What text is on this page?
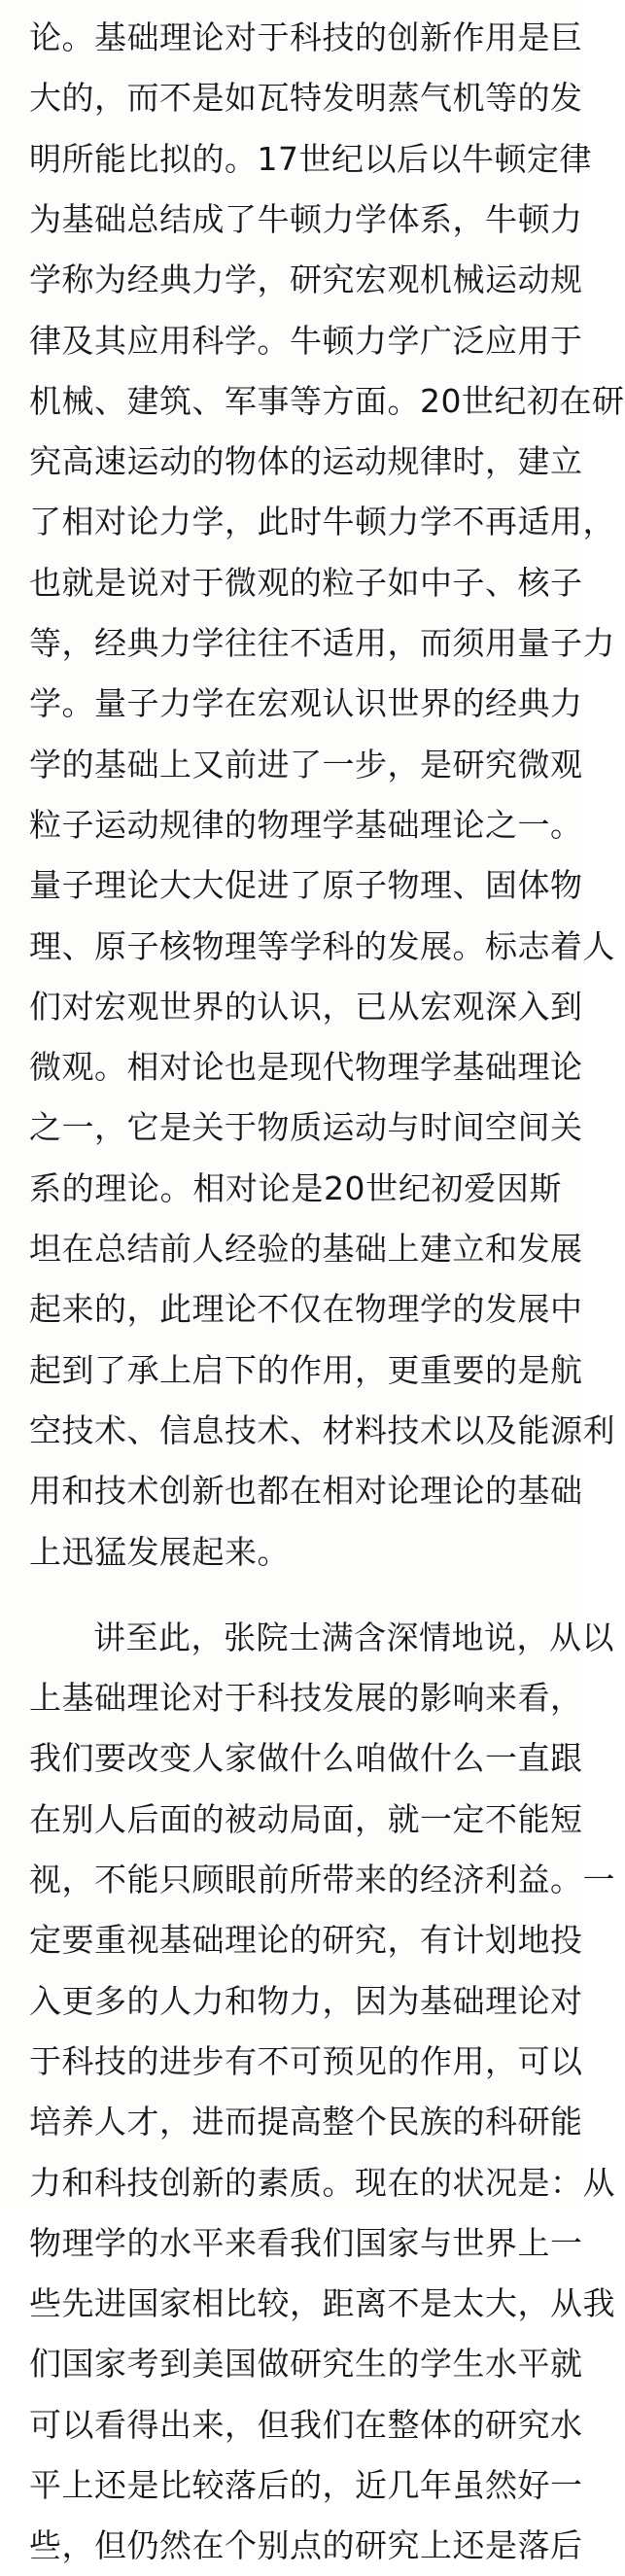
论。基础理论对于科技的创新作用是巨
大的，而不是如瓦特发明蒸气机等的发
明所能比拟的。17世纪以后以牛顿定律
为基础总结成了牛顿力学体系，牛顿力
学称为经典力学，研究宏观机械运动规
律及其应用科学。牛顿力学广泛应用于
机械、建筑、军事等方面。20世纪初在研
究高速运动的物体的运动规律时，建立
了相对论力学，此时牛顿力学不再适用，
也就是说对于微观的粒子如中子、核子
等，经典力学往往不适用，而须用量子力
学。量子力学在宏观认识世界的经典力
学的基础上又前进了一步，是研究微观
粒子运动规律的物理学基础理论之一。
量子理论大大促进了原子物理、固体物
理、原子核物理等学科的发展。标志着人
们对宏观世界的认识，已从宏观深入到
微观。相对论也是现代物理学基础理论
之一，它是关于物质运动与时间空间关
系的理论。相对论是20世纪初爱因斯
坦在总结前人经验的基础上建立和发展
起来的，此理论不仅在物理学的发展中
起到了承上启下的作用，更重要的是航
空技术、信息技术、材料技术以及能源利
用和技术创新也都在相对论理论的基础
上迅猛发展起来。
讲至此，张院士满含深情地说，从以
上基础理论对于科技发展的影响来看，
我们要改变人家做什么咱做什么一直跟
在别人后面的被动局面，就一定不能短
视，不能只顾眼前所带来的经济利益。一
定要重视基础理论的研究，有计划地投
入更多的人力和物力，因为基础理论对
于科技的进步有不可预见的作用，可以
培养人才，进而提高整个民族的科研能
力和科技创新的素质。现在的状况是：从
物理学的水平来看我们国家与世界上一
些先进国家相比较，距离不是太大，从我
们国家考到美国做研究生的学生水平就
可以看得出来，但我们在整体的研究水
平上还是比较落后的，近几年虽然好一
些，但仍然在个别点的研究上还是落后
